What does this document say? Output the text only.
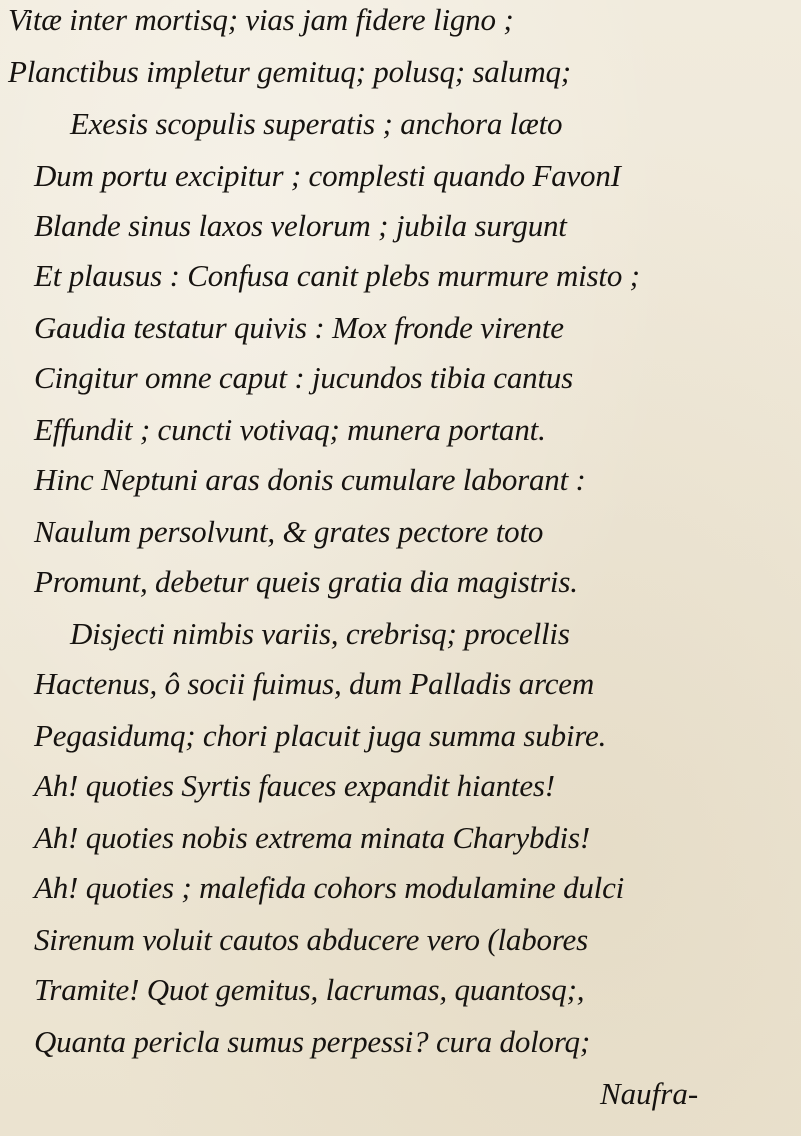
Vitæ inter mortisq; vias jam fidere ligno ;
Planctibus impletur gemituq; polusq; salumq;
Exesis scopulis superatis ; anchora læto
Dum portu excipitur ; complesti quando FavonI
Blande sinus laxos velorum ; jubila surgunt
Et plausus : Confusa canit plebs murmure misto ;
Gaudia testatur quivis : Mox fronde virente
Cingitur omne caput : jucundos tibia cantus
Effundit ; cuncti votivaq; munera portant.
Hinc Neptuni aras donis cumulare laborant :
Naulum persolvunt, & grates pectore toto
Promunt, debetur queis gratia dia magistris.
Disjecti nimbis variis, crebrisq; procellis
Hactenus, ô socii fuimus, dum Palladis arcem
Pegasidumq; chori placuit juga summa subire.
Ah! quoties Syrtis fauces expandit hiantes!
Ah! quoties nobis extrema minata Charybdis!
Ah! quoties ; malefida cohors modulamine dulci
Sirenum voluit cautos abducere vero (labores
Tramite! Quot gemitus, lacrumas, quantosq;,
Quanta pericla sumus perpessi? cura dolorq;
Naufra-
